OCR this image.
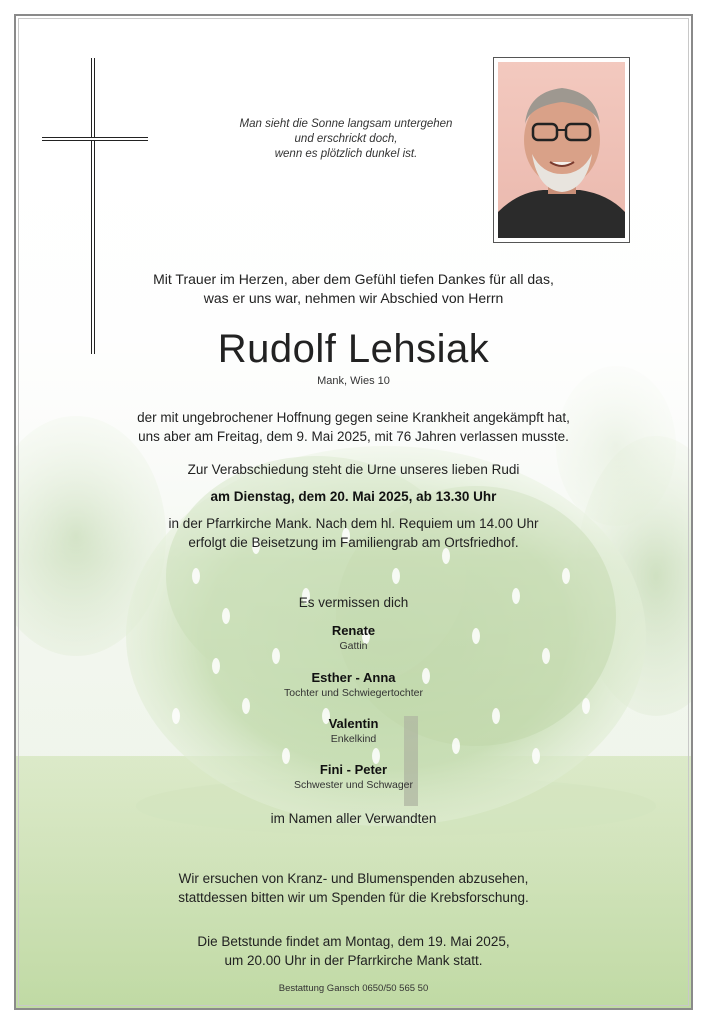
Man sieht die Sonne langsam untergehen
und erschrickt doch,
wenn es plötzlich dunkel ist.
Mit Trauer im Herzen, aber dem Gefühl tiefen Dankes für all das,
was er uns war, nehmen wir Abschied von Herrn
Rudolf Lehsiak
Mank, Wies 10
der mit ungebrochener Hoffnung gegen seine Krankheit angekämpft hat,
uns aber am Freitag, dem 9. Mai 2025, mit 76 Jahren verlassen musste.
Zur Verabschiedung steht die Urne unseres lieben Rudi
am Dienstag, dem 20. Mai 2025, ab 13.30 Uhr
in der Pfarrkirche Mank. Nach dem hl. Requiem um 14.00 Uhr
erfolgt die Beisetzung im Familiengrab am Ortsfriedhof.
Es vermissen dich
Renate
Gattin
Esther - Anna
Tochter und Schwiegertochter
Valentin
Enkelkind
Fini - Peter
Schwester und Schwager
im Namen aller Verwandten
Wir ersuchen von Kranz- und Blumenspenden abzusehen,
stattdessen bitten wir um Spenden für die Krebsforschung.
Die Betstunde findet am Montag, dem 19. Mai 2025,
um 20.00 Uhr in der Pfarrkirche Mank statt.
Bestattung Gansch 0650/50 565 50
